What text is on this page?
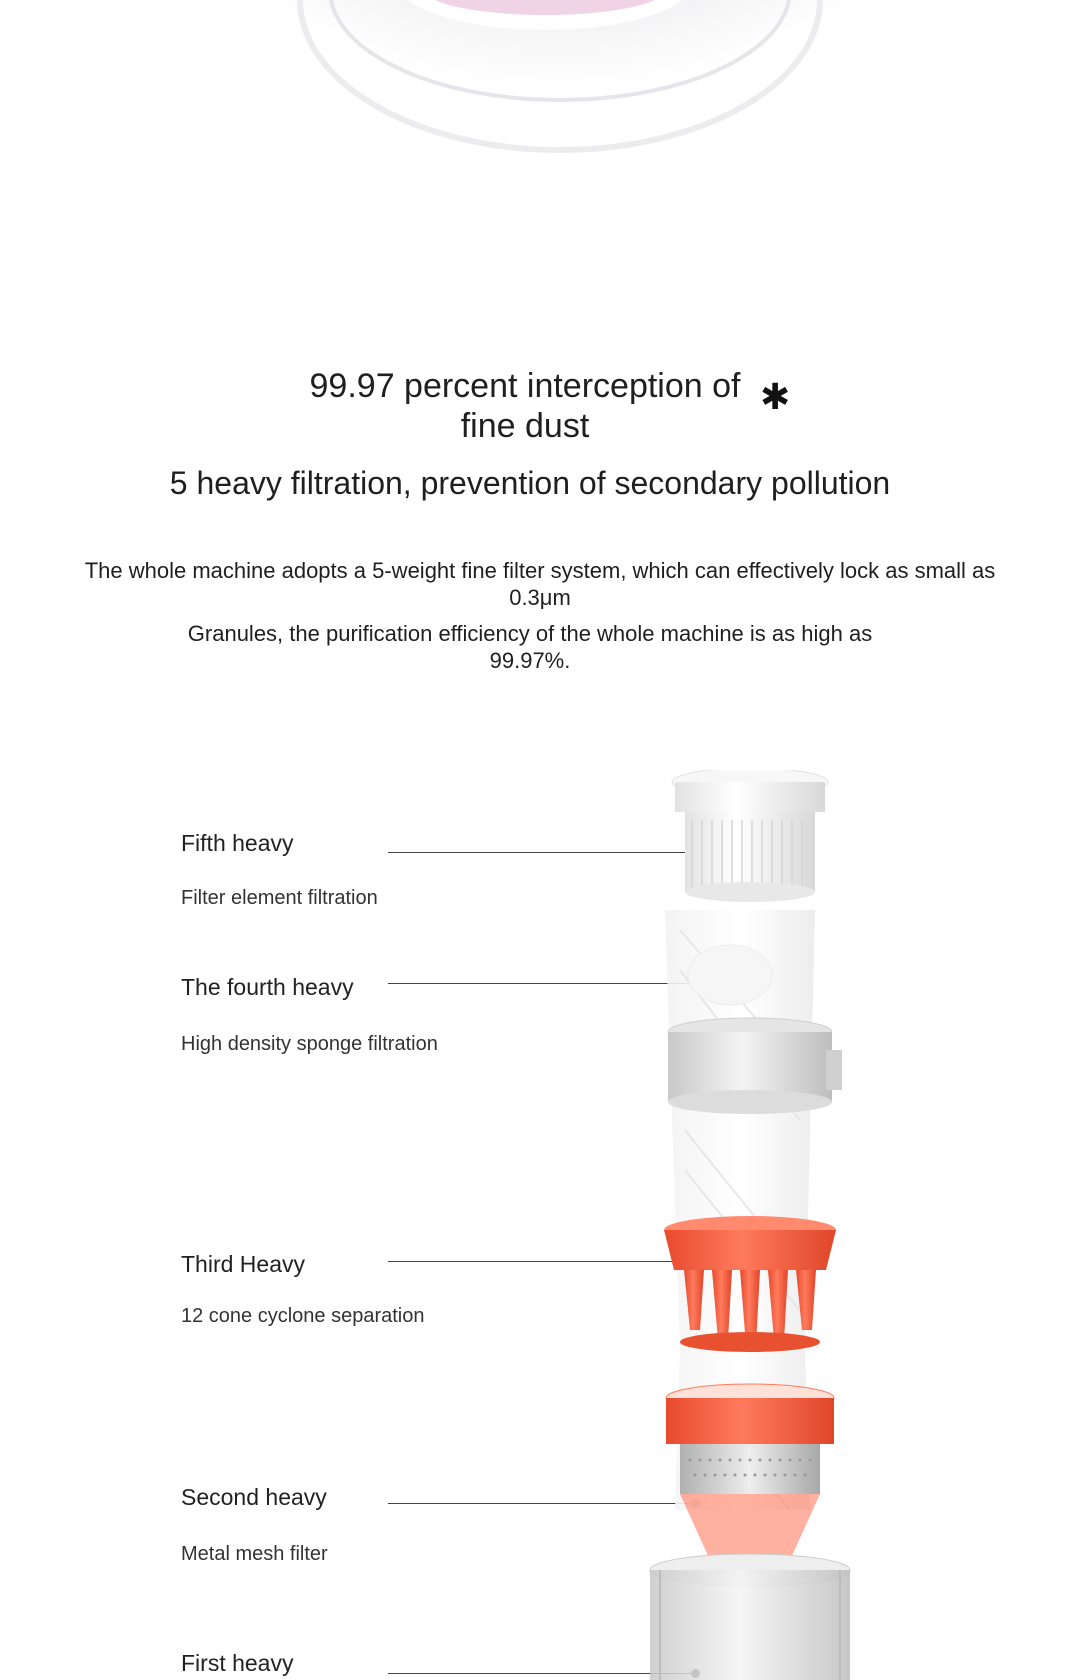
99.97 percent interception of
fine dust
✱
5 heavy filtration, prevention of secondary pollution
The whole machine adopts a 5-weight fine filter system, which can effectively lock as small as 0.3μm
Granules, the purification efficiency of the whole machine is as high as 99.97%.
Fifth heavy
Filter element filtration
The fourth heavy
High density sponge filtration
Third Heavy
12 cone cyclone separation
Second heavy
Metal mesh filter
First heavy
